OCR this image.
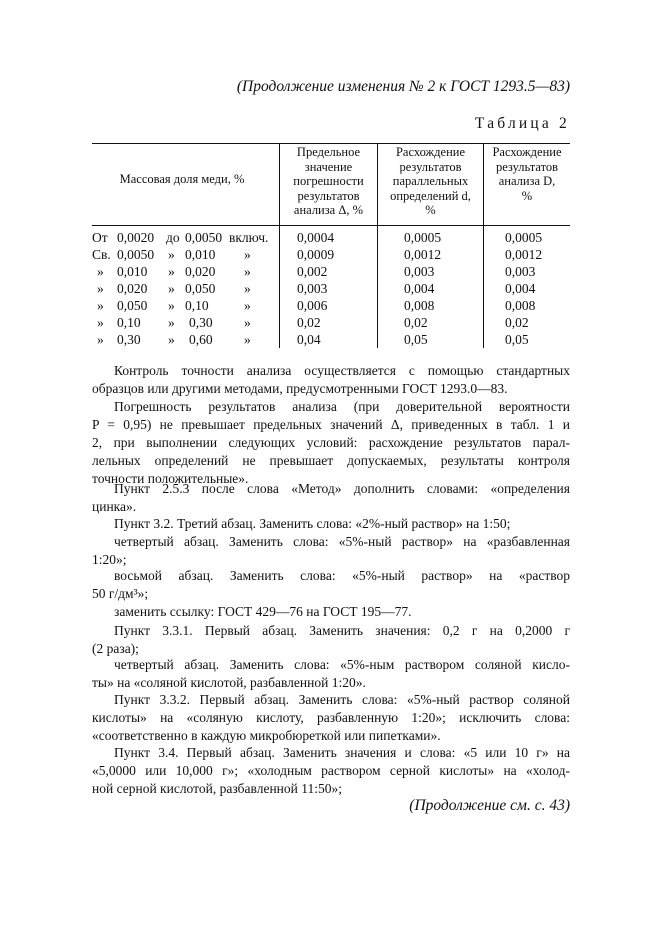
(Продолжение изменения № 2 к ГОСТ 1293.5—83)
Таблица 2
Массовая доля меди, %
Предельное
значение
погрешности
результатов
анализа Δ, %
Расхождение
результатов
параллельных
определений d,
%
Расхождение
результатов
анализа D,
%
От 0,0020 до 0,0050 включ. 0,0004	0,0005	0,0005
Св. 0,0050 » 0,010 »	0,0009	0,0012	0,0012
» 0,010 » 0,020 »	0,002	0,003	0,003
» 0,020 » 0,050 »	0,003	0,004	0,004
» 0,050 » 0,10	»	0,006	0,008	0,008
» 0,10 » 0,30 »	0,02	0,02	0,02
» 0,30 » 0,60 »	0,04	0,05	0,05
Контроль точности анализа осуществляется с помощью стандартных
образцов или другими методами, предусмотренными ГОСТ 1293.0—83.
Погрешность результатов анализа (при доверительной вероятности
P = 0,95) не превышает предельных значений Δ, приведенных в табл. 1 и
2, при выполнении следующих условий: расхождение результатов парал-
лельных определений не превышает допускаемых, результаты контроля
точности положительные».
Пункт 2.5.3 после слова «Метод» дополнить словами: «определения
цинка».
Пункт 3.2. Третий абзац. Заменить слова: «2%-ный раствор» на 1:50;
четвертый абзац. Заменить слова: «5%-ный раствор» на «разбавленная
1:20»;
восьмой абзац. Заменить слова: «5%-ный раствор» на «раствор
50 г/дм³»;
заменить ссылку: ГОСТ 429—76 на ГОСТ 195—77.
Пункт 3.3.1. Первый абзац. Заменить значения: 0,2 г на 0,2000 г
(2 раза);
четвертый абзац. Заменить слова: «5%-ным раствором соляной кисло-
ты» на «соляной кислотой, разбавленной 1:20».
Пункт 3.3.2. Первый абзац. Заменить слова: «5%-ный раствор соляной
кислоты» на «соляную кислоту, разбавленную 1:20»; исключить слова:
«соответственно в каждую микробюреткой или пипетками».
Пункт 3.4. Первый абзац. Заменить значения и слова: «5 или 10 г» на
«5,0000 или 10,000 г»; «холодным раствором серной кислоты» на «холод-
ной серной кислотой, разбавленной 11:50»;
(Продолжение см. с. 43)
